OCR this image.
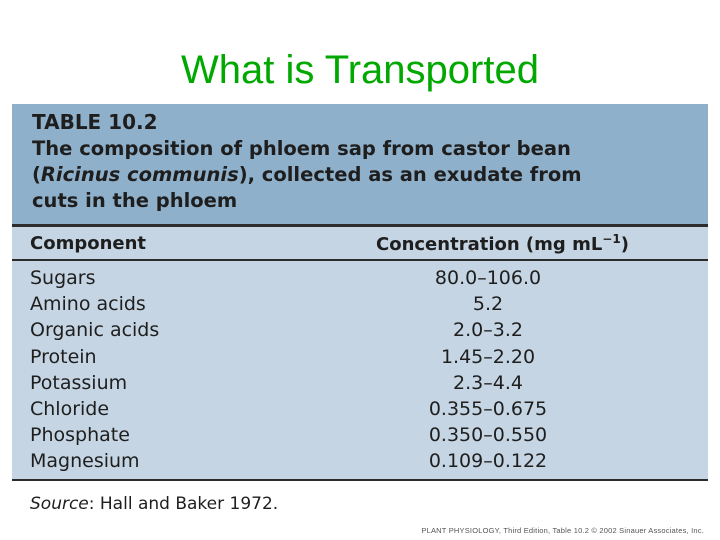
What is Transported
TABLE 10.2
The composition of phloem sap from castor bean
(Ricinus communis), collected as an exudate from
cuts in the phloem
Component	Concentration (mg $mL^{-1}$)
Sugars	80.0–106.0
Amino acids	5.2
Organic acids	2.0–3.2
Protein	1.45–2.20
Potassium	2.3–4.4
Chloride	0.355–0.675
Phosphate	0.350–0.550
Magnesium	0.109–0.122
Source: Hall and Baker 1972.
PLANT PHYSIOLOGY, Third Edition, Table 10.2 © 2002 Sinauer Associates, Inc.
